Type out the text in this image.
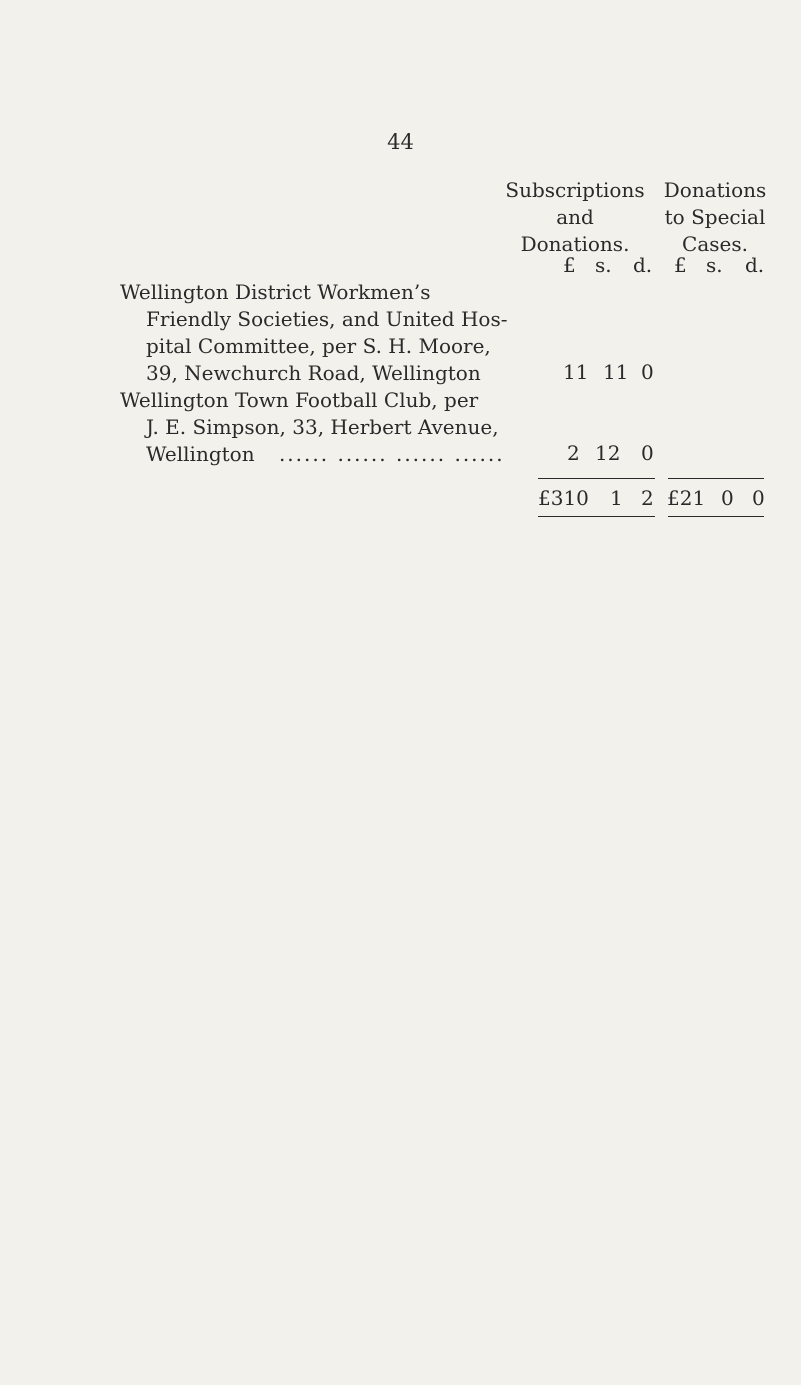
44
Subscriptions
and
Donations.
Donations
to Special
Cases.
£ s. d. £ s. d.
Wellington District Workmen’s
Friendly Societies, and United Hos-
pital Committee, per S. H. Moore,
39, Newchurch Road, Wellington	11 11 0
Wellington Town Football Club, per
J. E. Simpson, 33, Herbert Avenue,
Wellington ...... ...... ...... ......	2 12 0
£310 1 2 £21 0 0
